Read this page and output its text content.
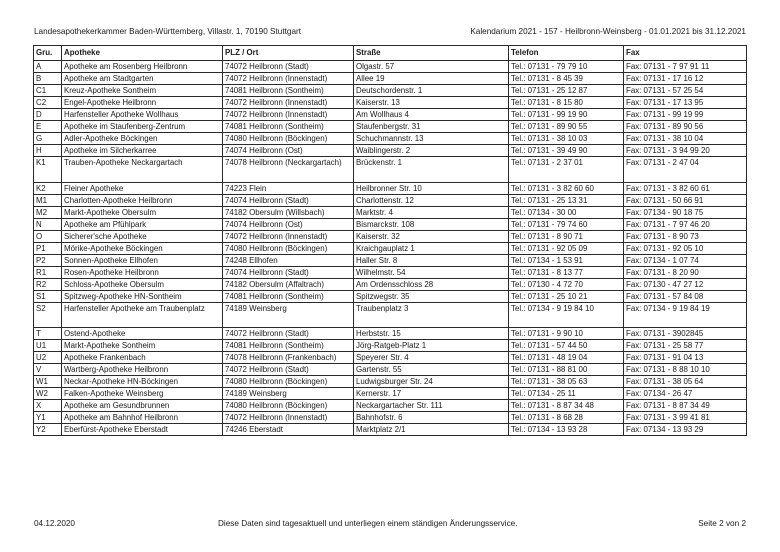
Landesapothekerkammer Baden-Württemberg, Villastr. 1, 70190 Stuttgart	Kalendarium 2021 - 157 - Heilbronn-Weinsberg - 01.01.2021 bis 31.12.2021
Gru.	Apotheke	PLZ / Ort	Straße	Telefon	Fax
A	Apotheke am Rosenberg Heilbronn	74072 Heilbronn (Stadt)	Olgastr. 57	Tel.: 07131 - 79 79 10	Fax: 07131 - 7 97 91 11
B	Apotheke am Stadtgarten	74072 Heilbronn (Innenstadt)	Allee 19	Tel.: 07131 - 8 45 39	Fax: 07131 - 17 16 12
C1	Kreuz-Apotheke Sontheim	74081 Heilbronn (Sontheim)	Deutschordenstr. 1	Tel.: 07131 - 25 12 87	Fax: 07131 - 57 25 54
C2	Engel-Apotheke Heilbronn	74072 Heilbronn (Innenstadt)	Kaiserstr. 13	Tel.: 07131 - 8 15 80	Fax: 07131 - 17 13 95
D	Harfensteller Apotheke Wollhaus	74072 Heilbronn (Innenstadt)	Am Wollhaus 4	Tel.: 07131 - 99 19 90	Fax: 07131 - 99 19 99
E	Apotheke im Staufenberg-Zentrum	74081 Heilbronn (Sontheim)	Staufenbergstr. 31	Tel.: 07131 - 89 90 55	Fax: 07131 - 89 90 56
G	Adler-Apotheke Böckingen	74080 Heilbronn (Böckingen)	Schuchmannstr. 13	Tel.: 07131 - 38 10 03	Fax: 07131 - 38 10 04
H	Apotheke im Silcherkarree	74074 Heilbronn (Ost)	Waiblingerstr. 2	Tel.: 07131 - 39 49 90	Fax: 07131 - 3 94 99 20
K1	Trauben-Apotheke Neckargartach	74078 Heilbronn (Neckargartach)	Brückenstr. 1	Tel.: 07131 - 2 37 01	Fax: 07131 - 2 47 04
K2	Fleiner Apotheke	74223 Flein	Heilbronner Str. 10	Tel.: 07131 - 3 82 60 60	Fax: 07131 - 3 82 60 61
M1	Charlotten-Apotheke Heilbronn	74074 Heilbronn (Stadt)	Charlottenstr. 12	Tel.: 07131 - 25 13 31	Fax: 07131 - 50 66 91
M2	Markt-Apotheke Obersulm	74182 Obersulm (Willsbach)	Marktstr. 4	Tel.: 07134 - 30 00	Fax: 07134 - 90 18 75
N	Apotheke am Pfühlpark	74074 Heilbronn (Ost)	Bismarckstr. 108	Tel.: 07131 - 79 74 60	Fax: 07131 - 7 97 46 20
O	Sicherer'sche Apotheke	74072 Heilbronn (Innenstadt)	Kaiserstr. 32	Tel.: 07131 - 8 90 71	Fax: 07131 - 8 90 73
P1	Mörike-Apotheke Böckingen	74080 Heilbronn (Böckingen)	Kraichgauplatz 1	Tel.: 07131 - 92 05 09	Fax: 07131 - 92 05 10
P2	Sonnen-Apotheke Ellhofen	74248 Ellhofen	Haller Str. 8	Tel.: 07134 - 1 53 91	Fax: 07134 - 1 07 74
R1	Rosen-Apotheke Heilbronn	74074 Heilbronn (Stadt)	Wilhelmstr. 54	Tel.: 07131 - 8 13 77	Fax: 07131 - 8 20 90
R2	Schloss-Apotheke Obersulm	74182 Obersulm (Affaltrach)	Am Ordensschloss 28	Tel.: 07130 - 4 72 70	Fax: 07130 - 47 27 12
S1	Spitzweg-Apotheke HN-Sontheim	74081 Heilbronn (Sontheim)	Spitzwegstr. 35	Tel.: 07131 - 25 10 21	Fax: 07131 - 57 84 08
S2	Harfensteller Apotheke am Traubenplatz	74189 Weinsberg	Traubenplatz 3	Tel.: 07134 - 9 19 84 10	Fax: 07134 - 9 19 84 19
T	Ostend-Apotheke	74072 Heilbronn (Stadt)	Herbststr. 15	Tel.: 07131 - 9 90 10	Fax: 07131 - 3902845
U1	Markt-Apotheke Sontheim	74081 Heilbronn (Sontheim)	Jörg-Ratgeb-Platz 1	Tel.: 07131 - 57 44 50	Fax: 07131 - 25 58 77
U2	Apotheke Frankenbach	74078 Heilbronn (Frankenbach)	Speyerer Str. 4	Tel.: 07131 - 48 19 04	Fax: 07131 - 91 04 13
V	Wartberg-Apotheke Heilbronn	74072 Heilbronn (Stadt)	Gartenstr. 55	Tel.: 07131 - 88 81 00	Fax: 07131 - 8 88 10 10
W1	Neckar-Apotheke HN-Böckingen	74080 Heilbronn (Böckingen)	Ludwigsburger Str. 24	Tel.: 07131 - 38 05 63	Fax: 07131 - 38 05 64
W2	Falken-Apotheke Weinsberg	74189 Weinsberg	Kernerstr. 17	Tel.: 07134 - 25 11	Fax: 07134 - 26 47
X	Apotheke am Gesundbrunnen	74080 Heilbronn (Böckingen)	Neckargartacher Str. 111	Tel.: 07131 - 8 87 34 48	Fax: 07131 - 8 87 34 49
Y1	Apotheke am Bahnhof Heilbronn	74072 Heilbronn (Innenstadt)	Bahnhofstr. 6	Tel.: 07131 - 8 68 28	Fax: 07131 - 3 99 41 81
Y2	Eberfürst-Apotheke Eberstadt	74246 Eberstadt	Marktplatz 2/1	Tel.: 07134 - 13 93 28	Fax: 07134 - 13 93 29
04.12.2020	Diese Daten sind tagesaktuell und unterliegen einem ständigen Änderungsservice.	Seite 2 von 2
